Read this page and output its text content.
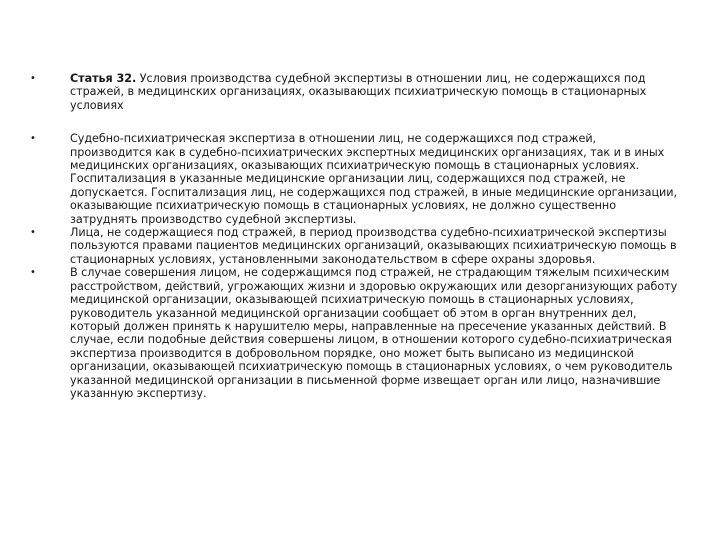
•	Статья 32. Условия производства судебной экспертизы в отношении лиц, не содержащихся под стражей, в медицинских организациях, оказывающих психиатрическую помощь в стационарных условиях
•	Судебно-психиатрическая экспертиза в отношении лиц, не содержащихся под стражей, производится как в судебно-психиатрических экспертных медицинских организациях, так и в иных медицинских организациях, оказывающих психиатрическую помощь в стационарных условиях. Госпитализация в указанные медицинские организации лиц, содержащихся под стражей, не допускается. Госпитализация лиц, не содержащихся под стражей, в иные медицинские организации, оказывающие психиатрическую помощь в стационарных условиях, не должно существенно затруднять производство судебной экспертизы.
•	Лица, не содержащиеся под стражей, в период производства судебно-психиатрической экспертизы пользуются правами пациентов медицинских организаций, оказывающих психиатрическую помощь в стационарных условиях, установленными законодательством в сфере охраны здоровья.
•	В случае совершения лицом, не содержащимся под стражей, не страдающим тяжелым психическим расстройством, действий, угрожающих жизни и здоровью окружающих или дезорганизующих работу медицинской организации, оказывающей психиатрическую помощь в стационарных условиях, руководитель указанной медицинской организации сообщает об этом в орган внутренних дел, который должен принять к нарушителю меры, направленные на пресечение указанных действий. В случае, если подобные действия совершены лицом, в отношении которого судебно-психиатрическая экспертиза производится в добровольном порядке, оно может быть выписано из медицинской организации, оказывающей психиатрическую помощь в стационарных условиях, о чем руководитель указанной медицинской организации в письменной форме извещает орган или лицо, назначившие указанную экспертизу.
